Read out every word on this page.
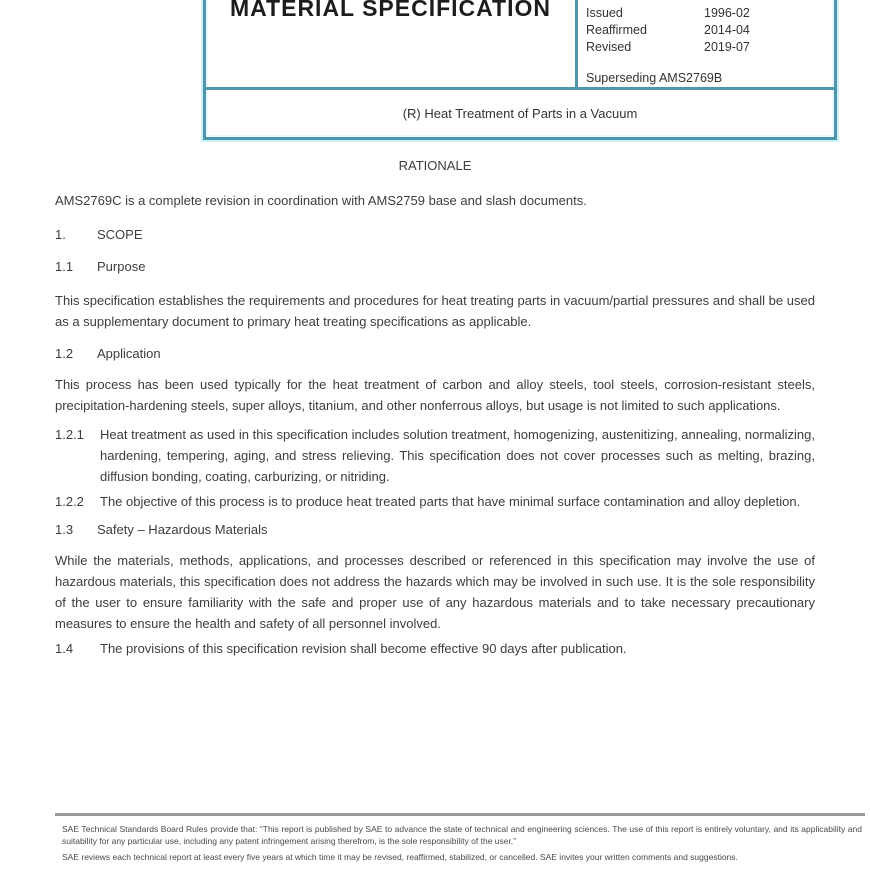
MATERIAL SPECIFICATION	Issued	1996-02
Reaffirmed	2014-04
Revised	2019-07
Superseding AMS2769B
(R) Heat Treatment of Parts in a Vacuum
RATIONALE
AMS2769C is a complete revision in coordination with AMS2759 base and slash documents.
1. SCOPE
1.1 Purpose
This specification establishes the requirements and procedures for heat treating parts in vacuum/partial pressures and shall be used as a supplementary document to primary heat treating specifications as applicable.
1.2 Application
This process has been used typically for the heat treatment of carbon and alloy steels, tool steels, corrosion-resistant steels, precipitation-hardening steels, super alloys, titanium, and other nonferrous alloys, but usage is not limited to such applications.
1.2.1 Heat treatment as used in this specification includes solution treatment, homogenizing, austenitizing, annealing, normalizing, hardening, tempering, aging, and stress relieving. This specification does not cover processes such as melting, brazing, diffusion bonding, coating, carburizing, or nitriding.
1.2.2 The objective of this process is to produce heat treated parts that have minimal surface contamination and alloy depletion.
1.3 Safety – Hazardous Materials
While the materials, methods, applications, and processes described or referenced in this specification may involve the use of hazardous materials, this specification does not address the hazards which may be involved in such use. It is the sole responsibility of the user to ensure familiarity with the safe and proper use of any hazardous materials and to take necessary precautionary measures to ensure the health and safety of all personnel involved.
1.4 The provisions of this specification revision shall become effective 90 days after publication.
SAE Technical Standards Board Rules provide that: “This report is published by SAE to advance the state of technical and engineering sciences. The use of this report is entirely voluntary, and its applicability and suitability for any particular use, including any patent infringement arising therefrom, is the sole responsibility of the user.”
SAE reviews each technical report at least every five years at which time it may be revised, reaffirmed, stabilized, or cancelled. SAE invites your written comments and suggestions.
